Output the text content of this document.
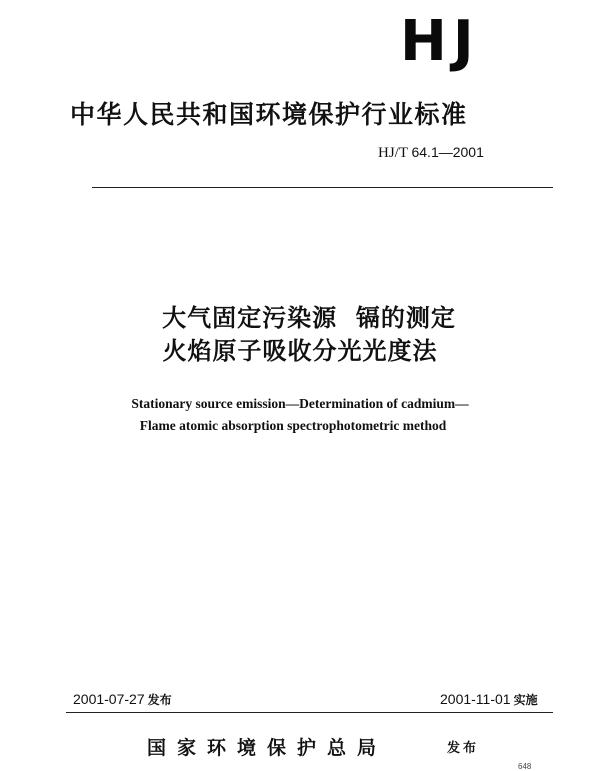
HJ
中华人民共和国环境保护行业标准
HJ/T 64.1—2001
大气固定污染源  镉的测定
火焰原子吸收分光光度法
Stationary source emission—Determination of cadmium—
Flame atomic absorption spectrophotometric method
2001-07-27 发布	2001-11-01 实施
国家环境保护总局	发布
648
